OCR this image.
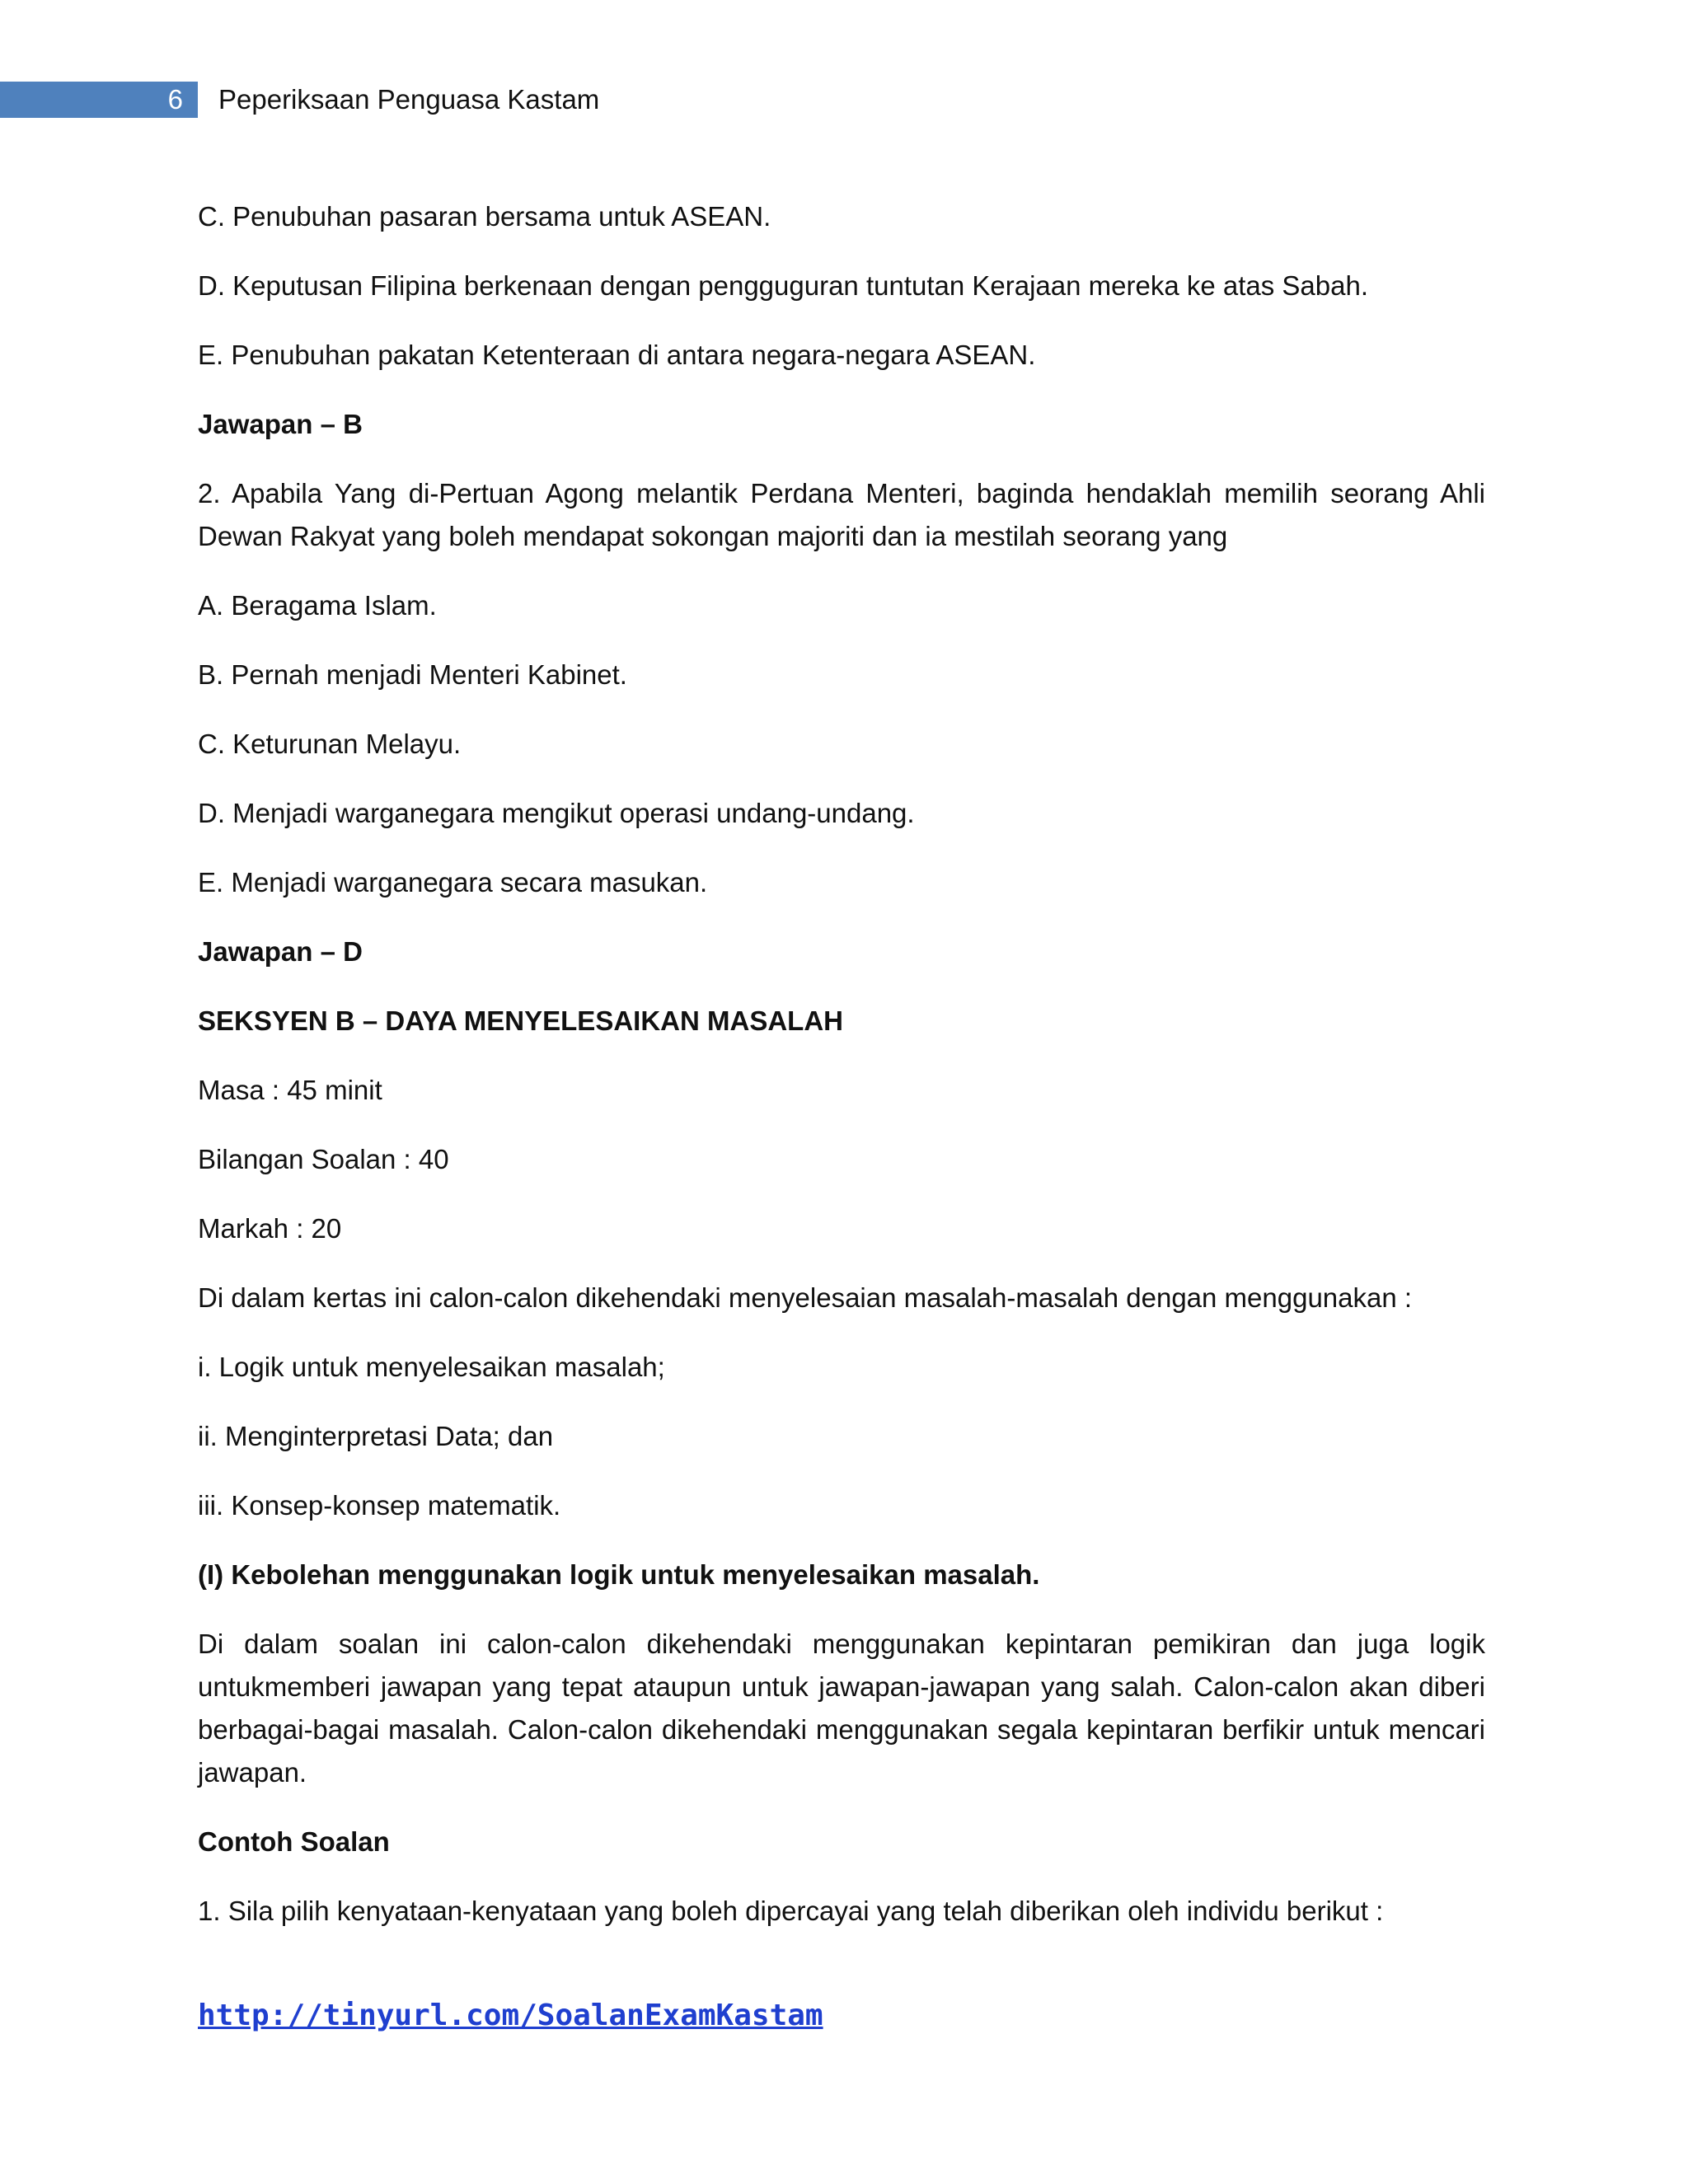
6 Peperiksaan Penguasa Kastam

C. Penubuhan pasaran bersama untuk ASEAN.

D. Keputusan Filipina berkenaan dengan pengguguran tuntutan Kerajaan mereka ke atas Sabah.

E. Penubuhan pakatan Ketenteraan di antara negara-negara ASEAN.

Jawapan – B

2. Apabila Yang di-Pertuan Agong melantik Perdana Menteri, baginda hendaklah memilih seorang Ahli Dewan Rakyat yang boleh mendapat sokongan majoriti dan ia mestilah seorang yang

A. Beragama Islam.

B. Pernah menjadi Menteri Kabinet.

C. Keturunan Melayu.

D. Menjadi warganegara mengikut operasi undang-undang.

E. Menjadi warganegara secara masukan.

Jawapan – D

SEKSYEN B – DAYA MENYELESAIKAN MASALAH

Masa : 45 minit

Bilangan Soalan : 40

Markah : 20

Di dalam kertas ini calon-calon dikehendaki menyelesaian masalah-masalah dengan menggunakan :

i. Logik untuk menyelesaikan masalah;

ii. Menginterpretasi Data; dan

iii. Konsep-konsep matematik.

(I) Kebolehan menggunakan logik untuk menyelesaikan masalah.

Di dalam soalan ini calon-calon dikehendaki menggunakan kepintaran pemikiran dan juga logik untukmemberi jawapan yang tepat ataupun untuk jawapan-jawapan yang salah. Calon-calon akan diberi berbagai-bagai masalah. Calon-calon dikehendaki menggunakan segala kepintaran berfikir untuk mencari jawapan.

Contoh Soalan

1. Sila pilih kenyataan-kenyataan yang boleh dipercayai yang telah diberikan oleh individu berikut :

http://tinyurl.com/SoalanExamKastam
